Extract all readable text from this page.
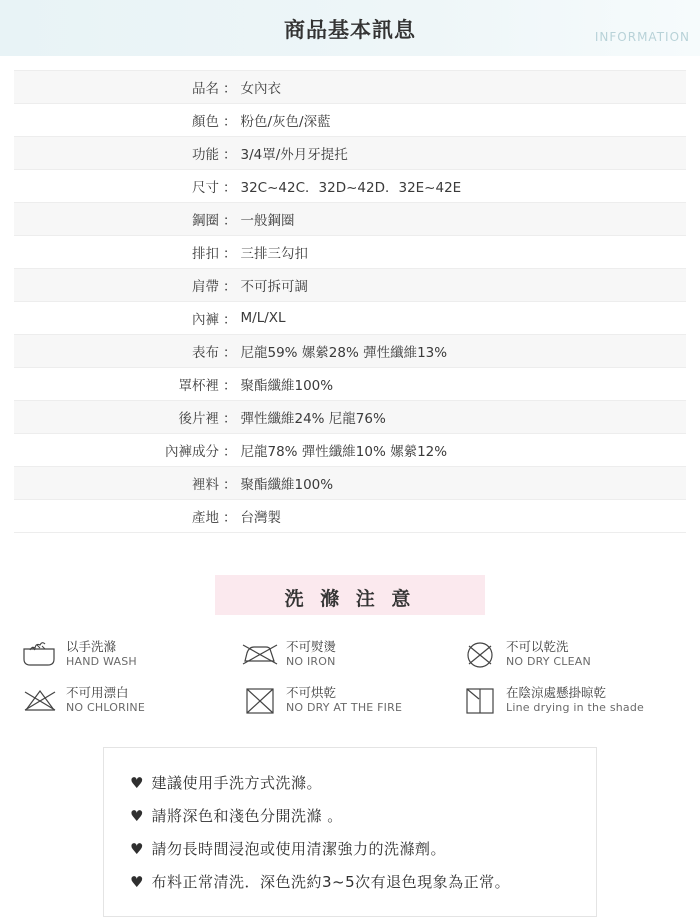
商品基本訊息	INFORMATION
品名 ： 女內衣
顏色 ： 粉色/灰色/深藍
功能 ： 3/4罩/外月牙提托
尺寸 ： 32C~42C．32D~42D．32E~42E
鋼圈 ： 一般鋼圈
排扣 ： 三排三勾扣
肩帶 ： 不可拆可調
內褲 ： M/L/XL
表布 ： 尼龍59% 嫘縈28% 彈性纖維13%
罩杯裡 ： 聚酯纖維100%
後片裡 ： 彈性纖維24% 尼龍76%
內褲成分 ： 尼龍78% 彈性纖維10% 嫘縈12%
裡料 ： 聚酯纖維100%
產地 ： 台灣製
洗 滌 注 意
以手洗滌
HAND WASH
不可熨燙
NO IRON
不可以乾洗
NO DRY CLEAN
不可用漂白
NO CHLORINE
不可烘乾
NO DRY AT THE FIRE
在陰涼處懸掛晾乾
Line drying in the shade
♥ 建議使用手洗方式洗滌。
♥ 請將深色和淺色分開洗滌 。
♥ 請勿長時間浸泡或使用清潔強力的洗滌劑。
♥ 布料正常清洗．深色洗約3~5次有退色現象為正常。
